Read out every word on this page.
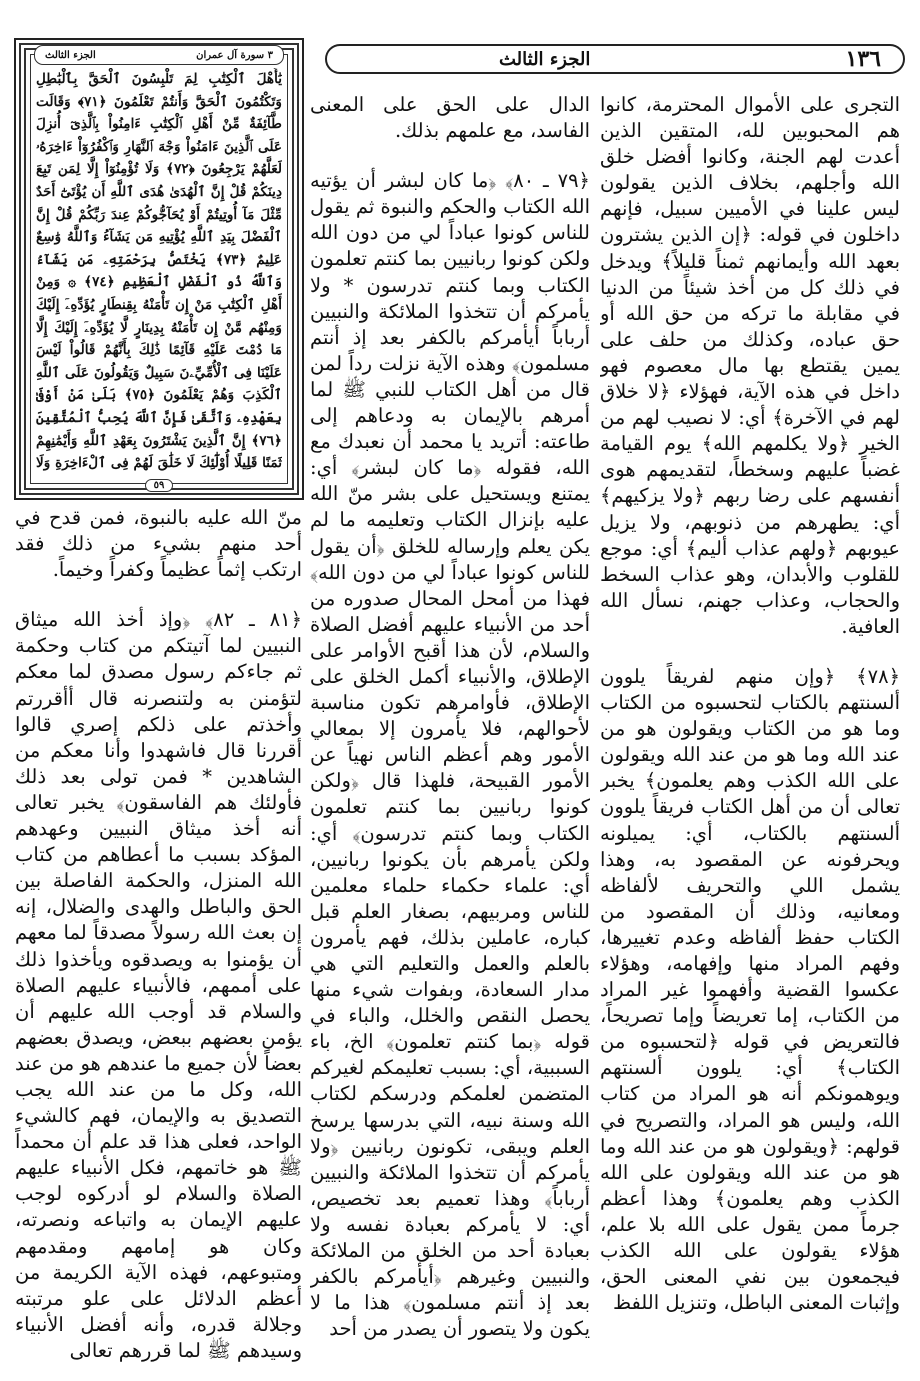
١٣٦
الجزء الثالث
٣ سورة آل عمران
الجزء الثالث
يَٰأَهْلَ ٱلْكِتَٰبِ لِمَ تَلْبِسُونَ ٱلْحَقَّ بِٱلْبَٰطِلِ وَتَكْتُمُونَ ٱلْحَقَّ وَأَنتُمْ تَعْلَمُونَ ﴿٧١﴾ وَقَالَت طَّآئِفَةٌ مِّنْ أَهْلِ ٱلْكِتَٰبِ ءَامِنُواْ بِٱلَّذِىٓ أُنزِلَ عَلَى ٱلَّذِينَ ءَامَنُواْ وَجْهَ ٱلنَّهَارِ وَٱكْفُرُوٓاْ ءَاخِرَهُۥ لَعَلَّهُمْ يَرْجِعُونَ ﴿٧٢﴾ وَلَا تُؤْمِنُوٓاْ إِلَّا لِمَن تَبِعَ دِينَكُمْ قُلْ إِنَّ ٱلْهُدَىٰ هُدَى ٱللَّهِ أَن يُؤْتَىٰٓ أَحَدٌ مِّثْلَ مَآ أُوتِيتُمْ أَوْ يُحَآجُّوكُمْ عِندَ رَبِّكُمْ قُلْ إِنَّ ٱلْفَضْلَ بِيَدِ ٱللَّهِ يُؤْتِيهِ مَن يَشَآءُ وَٱللَّهُ وَٰسِعٌ عَلِيمٌ ﴿٧٣﴾ يَخْتَصُّ بِرَحْمَتِهِۦ مَن يَشَآءُ وَٱللَّهُ ذُو ٱلْفَضْلِ ٱلْعَظِيمِ ﴿٧٤﴾ ۞ وَمِنْ أَهْلِ ٱلْكِتَٰبِ مَنْ إِن تَأْمَنْهُ بِقِنطَارٍ يُؤَدِّهِۦٓ إِلَيْكَ وَمِنْهُم مَّنْ إِن تَأْمَنْهُ بِدِينَارٍ لَّا يُؤَدِّهِۦٓ إِلَيْكَ إِلَّا مَا دُمْتَ عَلَيْهِ قَآئِمًا ذَٰلِكَ بِأَنَّهُمْ قَالُواْ لَيْسَ عَلَيْنَا فِى ٱلْأُمِّيِّۦنَ سَبِيلٌ وَيَقُولُونَ عَلَى ٱللَّهِ ٱلْكَذِبَ وَهُمْ يَعْلَمُونَ ﴿٧٥﴾ بَلَىٰ مَنْ أَوْفَىٰ بِعَهْدِهِۦ وَٱتَّقَىٰ فَإِنَّ ٱللَّهَ يُحِبُّ ٱلْمُتَّقِينَ ﴿٧٦﴾ إِنَّ ٱلَّذِينَ يَشْتَرُونَ بِعَهْدِ ٱللَّهِ وَأَيْمَٰنِهِمْ ثَمَنًا قَلِيلًا أُوْلَٰٓئِكَ لَا خَلَٰقَ لَهُمْ فِى ٱلْءَاخِرَةِ وَلَا
٥٩

التجرى على الأموال المحترمة، كانوا هم المحبوبين لله، المتقين الذين أعدت لهم الجنة، وكانوا أفضل خلق الله وأجلهم، بخلاف الذين يقولون ليس علينا في الأميين سبيل، فإنهم داخلون في قوله: ﴿إن الذين يشترون بعهد الله وأيمانهم ثمناً قليلاً﴾ ويدخل في ذلك كل من أخذ شيئاً من الدنيا في مقابلة ما تركه من حق الله أو حق عباده، وكذلك من حلف على يمين يقتطع بها مال معصوم فهو داخل في هذه الآية، فهؤلاء ﴿لا خلاق لهم في الآخرة﴾ أي: لا نصيب لهم من الخير ﴿ولا يكلمهم الله﴾ يوم القيامة غضباً عليهم وسخطاً، لتقديمهم هوى أنفسهم على رضا ربهم ﴿ولا يزكيهم﴾ أي: يطهرهم من ذنوبهم، ولا يزيل عيوبهم ﴿ولهم عذاب أليم﴾ أي: موجع للقلوب والأبدان، وهو عذاب السخط والحجاب، وعذاب جهنم، نسأل الله العافية.

﴿٧٨﴾ ﴿وإن منهم لفريقاً يلوون ألسنتهم بالكتاب لتحسبوه من الكتاب وما هو من الكتاب ويقولون هو من عند الله وما هو من عند الله ويقولون على الله الكذب وهم يعلمون﴾ يخبر تعالى أن من أهل الكتاب فريقاً يلوون ألسنتهم بالكتاب، أي: يميلونه ويحرفونه عن المقصود به، وهذا يشمل اللي والتحريف لألفاظه ومعانيه، وذلك أن المقصود من الكتاب حفظ ألفاظه وعدم تغييرها، وفهم المراد منها وإفهامه، وهؤلاء عكسوا القضية وأفهموا غير المراد من الكتاب، إما تعريضاً وإما تصريحاً، فالتعريض في قوله ﴿لتحسبوه من الكتاب﴾ أي: يلوون ألسنتهم ويوهمونكم أنه هو المراد من كتاب الله، وليس هو المراد، والتصريح في قولهم: ﴿ويقولون هو من عند الله وما هو من عند الله ويقولون على الله الكذب وهم يعلمون﴾ وهذا أعظم جرماً ممن يقول على الله بلا علم، هؤلاء يقولون على الله الكذب فيجمعون بين نفي المعنى الحق، وإثبات المعنى الباطل، وتنزيل اللفظ

الدال على الحق على المعنى الفاسد، مع علمهم بذلك.

﴿٧٩ ـ ٨٠﴾ ﴿ما كان لبشر أن يؤتيه الله الكتاب والحكم والنبوة ثم يقول للناس كونوا عباداً لي من دون الله ولكن كونوا ربانيين بما كنتم تعلمون الكتاب وبما كنتم تدرسون * ولا يأمركم أن تتخذوا الملائكة والنبيين أرباباً أيأمركم بالكفر بعد إذ أنتم مسلمون﴾ وهذه الآية نزلت رداً لمن قال من أهل الكتاب للنبي ﷺ لما أمرهم بالإيمان به ودعاهم إلى طاعته: أتريد يا محمد أن نعبدك مع الله، فقوله ﴿ما كان لبشر﴾ أي: يمتنع ويستحيل على بشر منّ الله عليه بإنزال الكتاب وتعليمه ما لم يكن يعلم وإرساله للخلق ﴿أن يقول للناس كونوا عباداً لي من دون الله﴾ فهذا من أمحل المحال صدوره من أحد من الأنبياء عليهم أفضل الصلاة والسلام، لأن هذا أقبح الأوامر على الإطلاق، والأنبياء أكمل الخلق على الإطلاق، فأوامرهم تكون مناسبة لأحوالهم، فلا يأمرون إلا بمعالي الأمور وهم أعظم الناس نهياً عن الأمور القبيحة، فلهذا قال ﴿ولكن كونوا ربانيين بما كنتم تعلمون الكتاب وبما كنتم تدرسون﴾ أي: ولكن يأمرهم بأن يكونوا ربانيين، أي: علماء حكماء حلماء معلمين للناس ومربيهم، بصغار العلم قبل كباره، عاملين بذلك، فهم يأمرون بالعلم والعمل والتعليم التي هي مدار السعادة، وبفوات شيء منها يحصل النقص والخلل، والباء في قوله ﴿بما كنتم تعلمون﴾ الخ، باء السببية، أي: بسبب تعليمكم لغيركم المتضمن لعلمكم ودرسكم لكتاب الله وسنة نبيه، التي بدرسها يرسخ العلم ويبقى، تكونون ربانيين ﴿ولا يأمركم أن تتخذوا الملائكة والنبيين أرباباً﴾ وهذا تعميم بعد تخصيص، أي: لا يأمركم بعبادة نفسه ولا بعبادة أحد من الخلق من الملائكة والنبيين وغيرهم ﴿أيأمركم بالكفر بعد إذ أنتم مسلمون﴾ هذا ما لا يكون ولا يتصور أن يصدر من أحد

منّ الله عليه بالنبوة، فمن قدح في أحد منهم بشيء من ذلك فقد ارتكب إثماً عظيماً وكفراً وخيماً.

﴿٨١ ـ ٨٢﴾ ﴿وإذ أخذ الله ميثاق النبيين لما آتيتكم من كتاب وحكمة ثم جاءكم رسول مصدق لما معكم لتؤمنن به ولتنصرنه قال أأقررتم وأخذتم على ذلكم إصري قالوا أقررنا قال فاشهدوا وأنا معكم من الشاهدين * فمن تولى بعد ذلك فأولئك هم الفاسقون﴾ يخبر تعالى أنه أخذ ميثاق النبيين وعهدهم المؤكد بسبب ما أعطاهم من كتاب الله المنزل، والحكمة الفاصلة بين الحق والباطل والهدى والضلال، إنه إن بعث الله رسولاً مصدقاً لما معهم أن يؤمنوا به ويصدقوه ويأخذوا ذلك على أممهم، فالأنبياء عليهم الصلاة والسلام قد أوجب الله عليهم أن يؤمن بعضهم ببعض، ويصدق بعضهم بعضاً لأن جميع ما عندهم هو من عند الله، وكل ما من عند الله يجب التصديق به والإيمان، فهم كالشيء الواحد، فعلى هذا قد علم أن محمداً ﷺ هو خاتمهم، فكل الأنبياء عليهم الصلاة والسلام لو أدركوه لوجب عليهم الإيمان به واتباعه ونصرته، وكان هو إمامهم ومقدمهم ومتبوعهم، فهذه الآية الكريمة من أعظم الدلائل على علو مرتبته وجلالة قدره، وأنه أفضل الأنبياء وسيدهم ﷺ لما قررهم تعالى
